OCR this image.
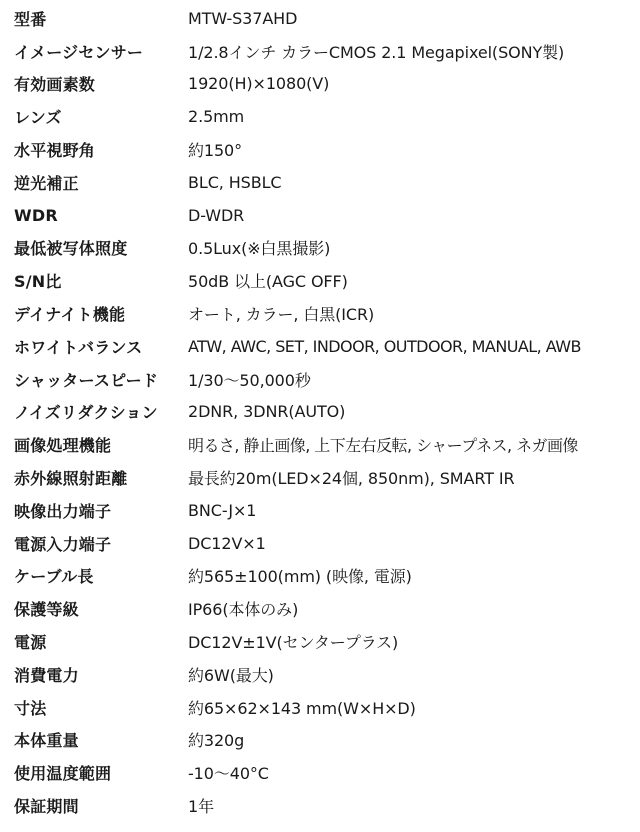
型番	MTW-S37AHD
イメージセンサー	1/2.8インチ カラーCMOS 2.1 Megapixel(SONY製)
有効画素数	1920(H)×1080(V)
レンズ	2.5mm
水平視野角	約150°
逆光補正	BLC, HSBLC
WDR	D-WDR
最低被写体照度	0.5Lux(※白黒撮影)
S/N比	50dB 以上(AGC OFF)
デイナイト機能	オート, カラー, 白黒(ICR)
ホワイトバランス	ATW, AWC, SET, INDOOR, OUTDOOR, MANUAL, AWB
シャッタースピード	1/30〜50,000秒
ノイズリダクション	2DNR, 3DNR(AUTO)
画像処理機能	明るさ, 静止画像, 上下左右反転, シャープネス, ネガ画像
赤外線照射距離	最長約20m(LED×24個, 850nm), SMART IR
映像出力端子	BNC-J×1
電源入力端子	DC12V×1
ケーブル長	約565±100(mm) (映像, 電源)
保護等級	IP66(本体のみ)
電源	DC12V±1V(センタープラス)
消費電力	約6W(最大)
寸法	約65×62×143 mm(W×H×D)
本体重量	約320g
使用温度範囲	-10〜40°C
保証期間	1年
